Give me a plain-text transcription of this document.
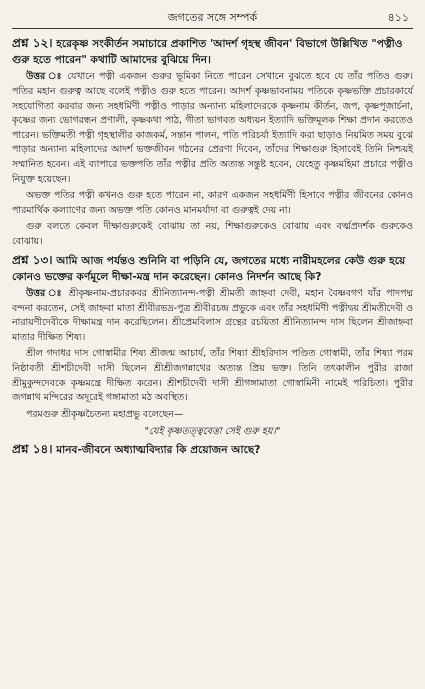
জগতের সঙ্গে সম্পর্ক	৪১১
প্রশ্ন ১২। হরেকৃষ্ণ সংকীর্তন সমাচারে প্রকাশিত 'আদর্শ গৃহস্থ জীবন' বিভাগে উল্লিখিত "পত্নীও গুরু হতে পারেন" কথাটি আমাদের বুঝিয়ে দিন।
উত্তর ঃ যেখানে পত্নী একজন গুরুর ভূমিকা নিতে পারেন সেখানে বুঝতে হবে যে তাঁর পতিও গুরু। পতির মহান গুরুত্ব আছে বলেই পত্নীও গুরু হতে পারেন। আদর্শ কৃষ্ণভাবনাময় পতিকে কৃষ্ণভক্তি প্রচারকার্যে সহযোগিতা করবার জন্য সহধর্মিণী পত্নীও পাড়ার অন্যান্য মহিলাদেরকে কৃষ্ণনাম কীর্তন, জপ, কৃষ্ণপূজার্চনা, কৃষ্ণের জন্য ভোগরন্ধন প্রণালী, কৃষ্ণকথা পাঠ, গীতা ভাগবত অধ্যয়ন ইত্যাদি ভক্তিমূলক শিক্ষা প্রদান করতেও পারেন। ভক্তিমতী পত্নী গৃহস্থালীর কাজকর্ম, সন্তান পালন, পতি পরিচর্যা ইত্যাদি করা ছাড়াও নিয়মিত সময় বুঝে পাড়ার অন্যান্য মহিলাদের আদর্শ ভক্তজীবন গঠনের প্রেরণা দিবেন, তাঁদের শিক্ষাগুরু হিসাবেই তিনি নিশ্চয়ই সম্মানিত হবেন। এই ব্যাপারে ভক্তপতি তাঁর পত্নীর প্রতি অত্যন্ত সন্তুষ্ট হবেন, যেহেতু কৃষ্ণমহিমা প্রচারে পত্নীও নিযুক্ত হয়েছেন।
অভক্ত পতির পত্নী কখনও গুরু হতে পারেন না, কারণ একজন সহধর্মিণী হিসাবে পত্নীর জীবনের কোনও পারমার্থিক কল্যাণের জন্য অভক্ত পতি কোনও মানমর্যাদা বা গুরুত্বই দেয় না।
গুরু বলতে কেবল দীক্ষাগুরুকেই বোঝায় তা নয়, শিক্ষাগুরুকেও বোঝায় এবং বর্ত্মপ্রদর্শক গুরুকেও বোঝায়।
প্রশ্ন ১৩। আমি আজ পর্যন্তও শুনিনি বা পড়িনি যে, জগতের মধ্যে নারীমহলের কেউ গুরু হয়ে কোনও ভক্তের কর্ণমূলে দীক্ষা-মন্ত্র দান করেছেন। কোনও নিদর্শন আছে কি?
উত্তর ঃ শ্রীকৃষ্ণনাম-প্রচারকবর শ্রীনিত্যানন্দ-পত্নী শ্রীমতী জাহ্নবা দেবী, মহান বৈষ্ণবগণ যাঁর পাদপদ্ম বন্দনা করতেন, সেই জাহ্নবা মাতা শ্রীবীরভদ্র-পুত্র শ্রীবীরচন্দ্র প্রভুকে এবং তাঁর সহধর্মিণী পত্নীদ্বয় শ্রীমতীদেবী ও নারায়ণীদেবীকে দীক্ষামন্ত্র দান করেছিলেন। শ্রীপ্রেমবিলাস গ্রন্থের রচয়িতা শ্রীনিত্যানন্দ দাস ছিলেন শ্রীজাহ্নবা মাতার দীক্ষিত শিষ্য।
শ্রীল গদাধর দাস গোস্বামীর শিষ্য শ্রীজন্ম আচার্য, তাঁর শিষ্যা শ্রীহরিদাস পণ্ডিত গোস্বামী, তাঁর শিষ্যা পরম নিষ্ঠাবতী শ্রীশচীদেবী দাসী ছিলেন শ্রীশ্রীজগন্নাথের অত্যন্ত প্রিয় ভক্ত। তিনি তৎকালীন পুরীর রাজা শ্রীমুকুন্দদেবকে কৃষ্ণমন্ত্রে দীক্ষিত করেন। শ্রীশচীদেবী দাসী শ্রীগঙ্গামাতা গোস্বামিনী নামেই পরিচিতা। পুরীর জগন্নাথ মন্দিরের অদূরেই গঙ্গামাতা মঠ অবস্থিত।
পরমগুরু শ্রীকৃষ্ণচৈতন্য মহাপ্রভু বলেছেন—
"যেই কৃষ্ণতত্ত্ববেত্তা সেই গুরু হয়।"
প্রশ্ন ১৪। মানব-জীবনে অধ্যাত্মবিদ্যার কি প্রয়োজন আছে?
